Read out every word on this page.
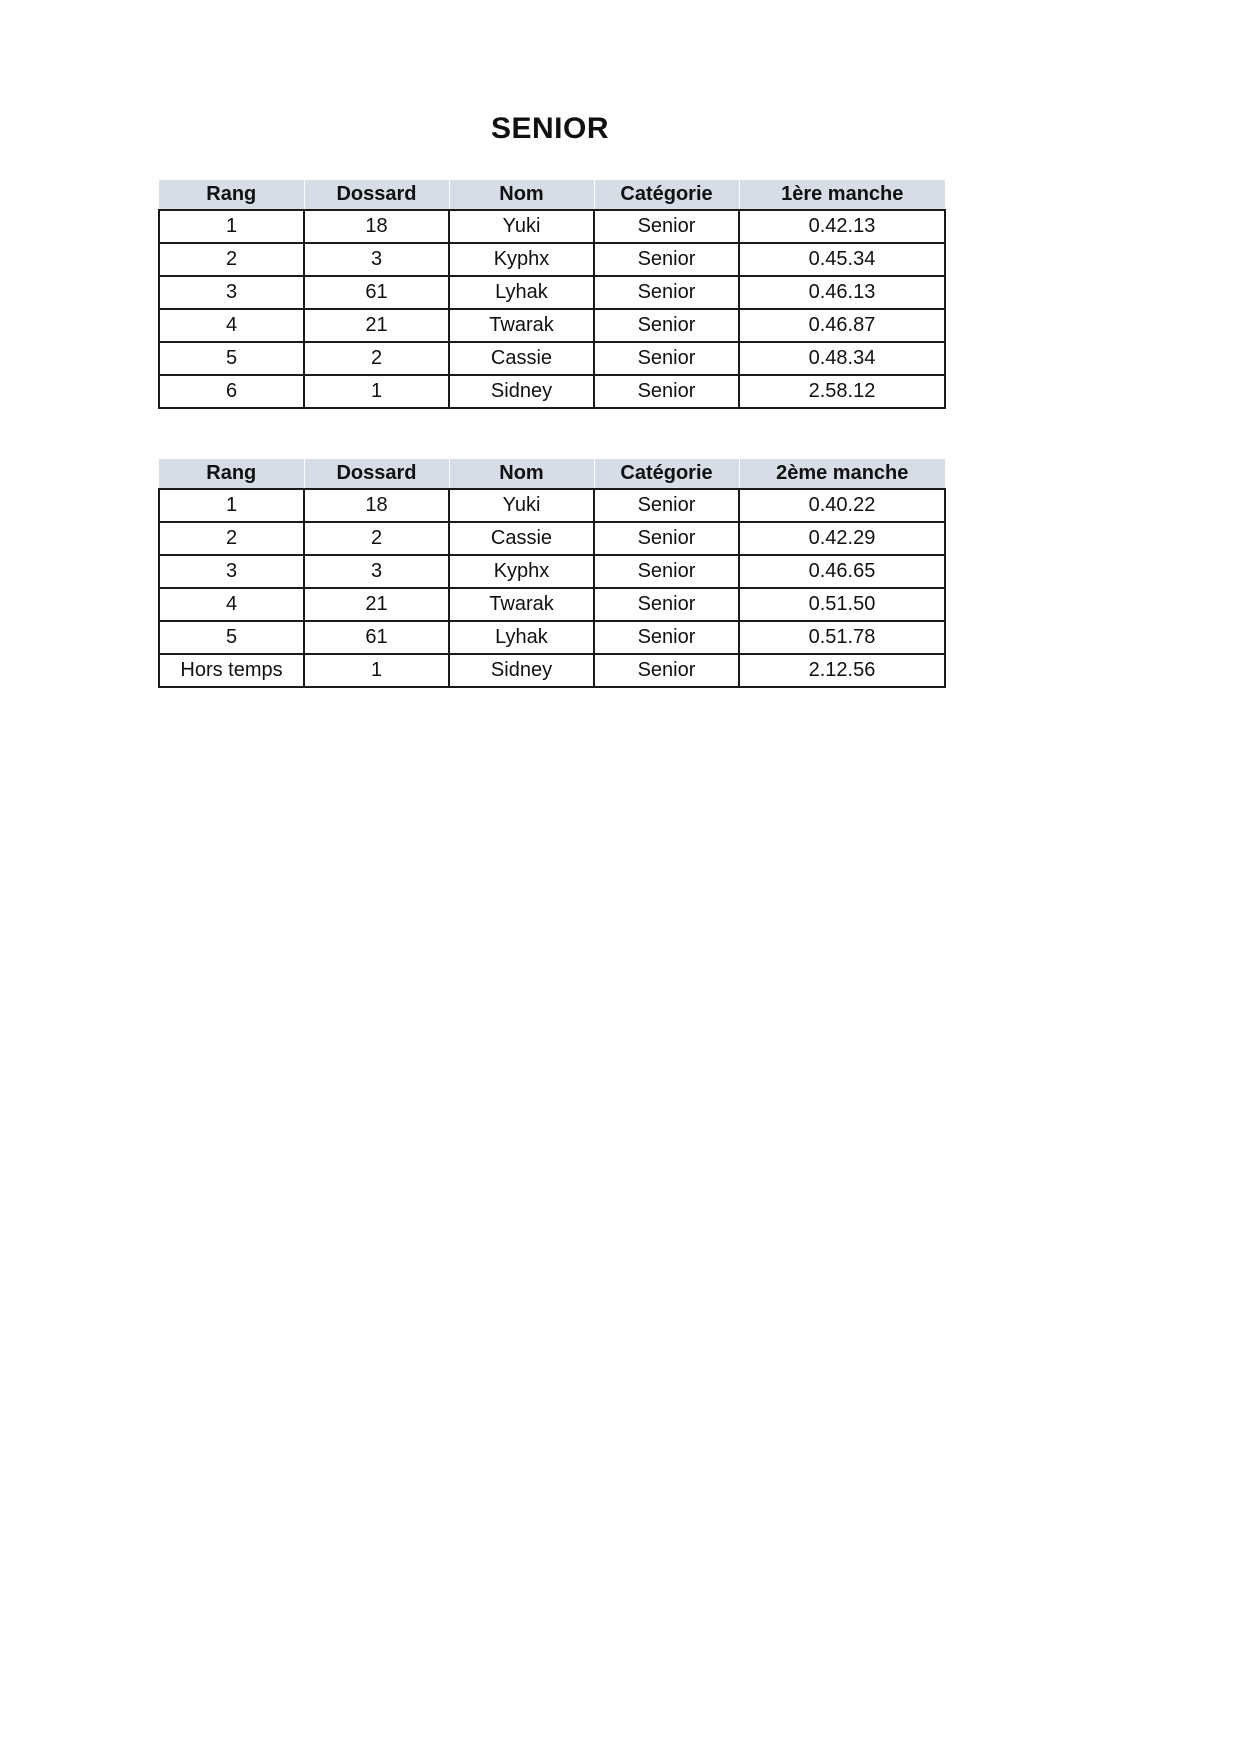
SENIOR
Rang	Dossard	Nom	Catégorie	1ère manche
1	18	Yuki	Senior	0.42.13
2	3	Kyphx	Senior	0.45.34
3	61	Lyhak	Senior	0.46.13
4	21	Twarak	Senior	0.46.87
5	2	Cassie	Senior	0.48.34
6	1	Sidney	Senior	2.58.12
Rang	Dossard	Nom	Catégorie	2ème manche
1	18	Yuki	Senior	0.40.22
2	2	Cassie	Senior	0.42.29
3	3	Kyphx	Senior	0.46.65
4	21	Twarak	Senior	0.51.50
5	61	Lyhak	Senior	0.51.78
Hors temps	1	Sidney	Senior	2.12.56
